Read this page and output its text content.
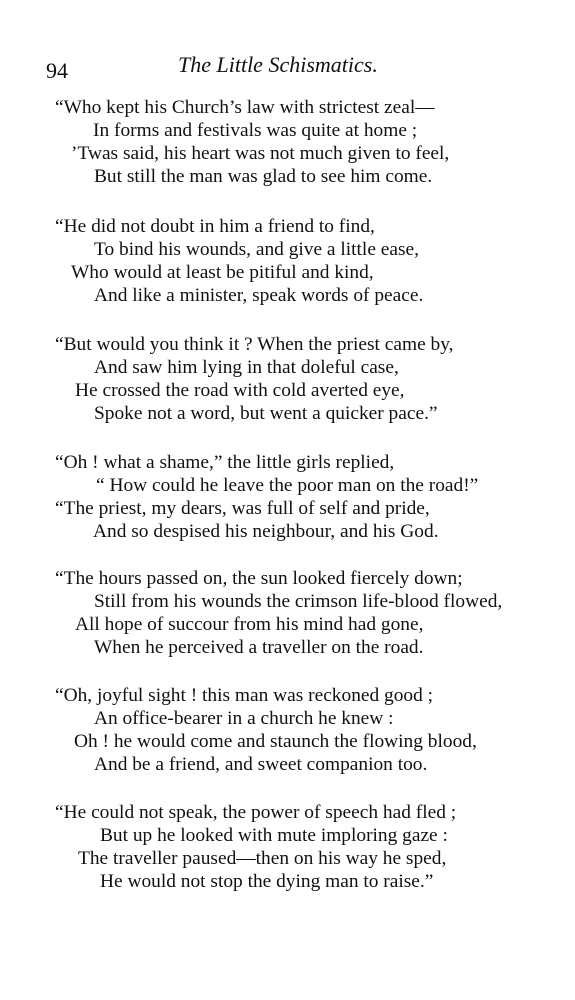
94	The Little Schismatics.
“Who kept his Church’s law with strictest zeal—
In forms and festivals was quite at home ;
’Twas said, his heart was not much given to feel,
But still the man was glad to see him come.
“He did not doubt in him a friend to find,
To bind his wounds, and give a little ease,
Who would at least be pitiful and kind,
And like a minister, speak words of peace.
“But would you think it ? When the priest came by,
And saw him lying in that doleful case,
He crossed the road with cold averted eye,
Spoke not a word, but went a quicker pace.”
“Oh ! what a shame,” the little girls replied,
“ How could he leave the poor man on the road!”
“The priest, my dears, was full of self and pride,
And so despised his neighbour, and his God.
“The hours passed on, the sun looked fiercely down;
Still from his wounds the crimson life-blood flowed,
All hope of succour from his mind had gone,
When he perceived a traveller on the road.
“Oh, joyful sight ! this man was reckoned good ;
An office-bearer in a church he knew :
Oh ! he would come and staunch the flowing blood,
And be a friend, and sweet companion too.
“He could not speak, the power of speech had fled ;
But up he looked with mute imploring gaze :
The traveller paused—then on his way he sped,
He would not stop the dying man to raise.”
